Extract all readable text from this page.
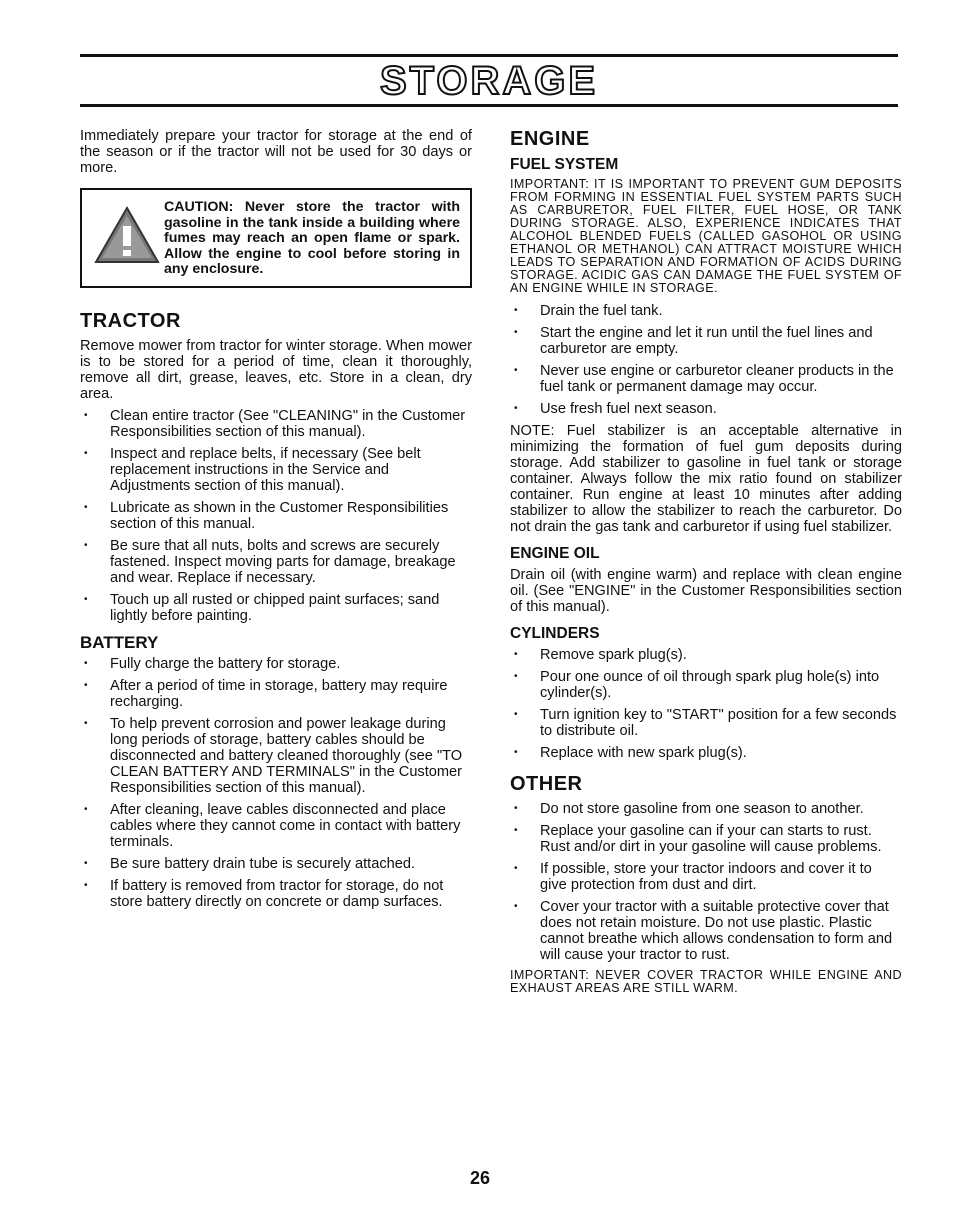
STORAGE

Immediately prepare your tractor for storage at the end of the season or if the tractor will not be used for 30 days or more.

CAUTION: Never store the tractor with gasoline in the tank inside a building where fumes may reach an open flame or spark. Allow the engine to cool before storing in any enclosure.
TRACTOR

Remove mower from tractor for winter storage. When mower is to be stored for a period of time, clean it thoroughly, remove all dirt, grease, leaves, etc. Store in a clean, dry area.

• Clean entire tractor (See "CLEANING" in the Customer Responsibilities section of this manual).
• Inspect and replace belts, if necessary (See belt replacement instructions in the Service and Adjustments section of this manual).
• Lubricate as shown in the Customer Responsibilities section of this manual.
• Be sure that all nuts, bolts and screws are securely fastened. Inspect moving parts for damage, breakage and wear. Replace if necessary.
• Touch up all rusted or chipped paint surfaces; sand lightly before painting.
BATTERY
• Fully charge the battery for storage.
• After a period of time in storage, battery may require recharging.
• To help prevent corrosion and power leakage during long periods of storage, battery cables should be disconnected and battery cleaned thoroughly (see "TO CLEAN BATTERY AND TERMINALS" in the Customer Responsibilities section of this manual).
• After cleaning, leave cables disconnected and place cables where they cannot come in contact with battery terminals.
• Be sure battery drain tube is securely attached.
• If battery is removed from tractor for storage, do not store battery directly on concrete or damp surfaces.
ENGINE
FUEL SYSTEM

IMPORTANT: IT IS IMPORTANT TO PREVENT GUM DEPOSITS FROM FORMING IN ESSENTIAL FUEL SYSTEM PARTS SUCH AS CARBURETOR, FUEL FILTER, FUEL HOSE, OR TANK DURING STORAGE. ALSO, EXPERIENCE INDICATES THAT ALCOHOL BLENDED FUELS (CALLED GASOHOL OR USING ETHANOL OR METHANOL) CAN ATTRACT MOISTURE WHICH LEADS TO SEPARATION AND FORMATION OF ACIDS DURING STORAGE. ACIDIC GAS CAN DAMAGE THE FUEL SYSTEM OF AN ENGINE WHILE IN STORAGE.

• Drain the fuel tank.
• Start the engine and let it run until the fuel lines and carburetor are empty.
• Never use engine or carburetor cleaner products in the fuel tank or permanent damage may occur.
• Use fresh fuel next season.

NOTE: Fuel stabilizer is an acceptable alternative in minimizing the formation of fuel gum deposits during storage. Add stabilizer to gasoline in fuel tank or storage container. Always follow the mix ratio found on stabilizer container. Run engine at least 10 minutes after adding stabilizer to allow the stabilizer to reach the carburetor. Do not drain the gas tank and carburetor if using fuel stabilizer.

ENGINE OIL

Drain oil (with engine warm) and replace with clean engine oil. (See "ENGINE" in the Customer Responsibilities section of this manual).

CYLINDERS
• Remove spark plug(s).
• Pour one ounce of oil through spark plug hole(s) into cylinder(s).
• Turn ignition key to "START" position for a few seconds to distribute oil.
• Replace with new spark plug(s).
OTHER
• Do not store gasoline from one season to another.
• Replace your gasoline can if your can starts to rust. Rust and/or dirt in your gasoline will cause problems.
• If possible, store your tractor indoors and cover it to give protection from dust and dirt.
• Cover your tractor with a suitable protective cover that does not retain moisture. Do not use plastic. Plastic cannot breathe which allows condensation to form and will cause your tractor to rust.

IMPORTANT: NEVER COVER TRACTOR WHILE ENGINE AND EXHAUST AREAS ARE STILL WARM.

26
